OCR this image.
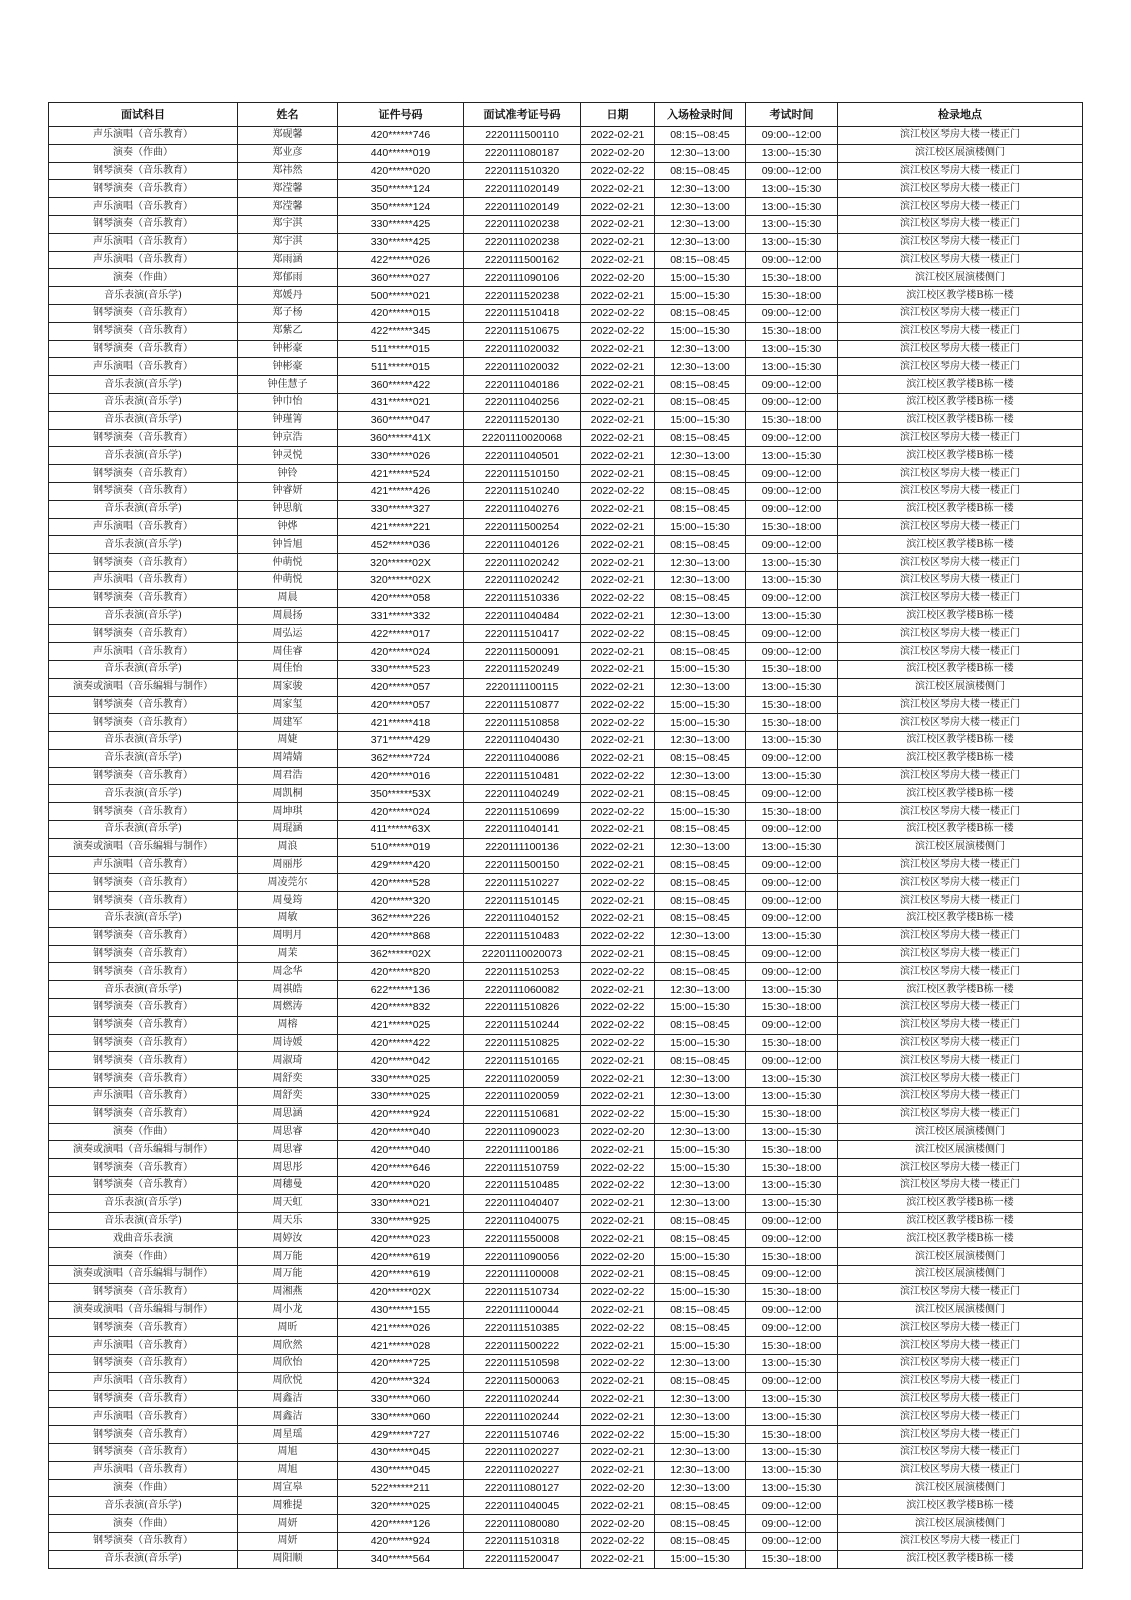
面试科目	姓名	证件号码	面试准考证号码	日期	入场检录时间	考试时间	检录地点
声乐演唱（音乐教育）	郑砚馨	420******746	2220111500110	2022-02-21	08:15--08:45	09:00--12:00	滨江校区琴房大楼一楼正门
演奏（作曲）	郑业彦	440******019	2220111080187	2022-02-20	12:30--13:00	13:00--15:30	滨江校区展演楼侧门
钢琴演奏（音乐教育）	郑祎然	420******020	2220111510320	2022-02-22	08:15--08:45	09:00--12:00	滨江校区琴房大楼一楼正门
钢琴演奏（音乐教育）	郑滢馨	350******124	2220111020149	2022-02-21	12:30--13:00	13:00--15:30	滨江校区琴房大楼一楼正门
声乐演唱（音乐教育）	郑滢馨	350******124	2220111020149	2022-02-21	12:30--13:00	13:00--15:30	滨江校区琴房大楼一楼正门
钢琴演奏（音乐教育）	郑宇淇	330******425	2220111020238	2022-02-21	12:30--13:00	13:00--15:30	滨江校区琴房大楼一楼正门
声乐演唱（音乐教育）	郑宇淇	330******425	2220111020238	2022-02-21	12:30--13:00	13:00--15:30	滨江校区琴房大楼一楼正门
声乐演唱（音乐教育）	郑雨涵	422******026	2220111500162	2022-02-21	08:15--08:45	09:00--12:00	滨江校区琴房大楼一楼正门
演奏（作曲）	郑郁雨	360******027	2220111090106	2022-02-20	15:00--15:30	15:30--18:00	滨江校区展演楼侧门
音乐表演(音乐学)	郑媛丹	500******021	2220111520238	2022-02-21	15:00--15:30	15:30--18:00	滨江校区教学楼B栋一楼
钢琴演奏（音乐教育）	郑子杨	420******015	2220111510418	2022-02-22	08:15--08:45	09:00--12:00	滨江校区琴房大楼一楼正门
钢琴演奏（音乐教育）	郑紫乙	422******345	2220111510675	2022-02-22	15:00--15:30	15:30--18:00	滨江校区琴房大楼一楼正门
钢琴演奏（音乐教育）	钟彬豪	511******015	2220111020032	2022-02-21	12:30--13:00	13:00--15:30	滨江校区琴房大楼一楼正门
声乐演唱（音乐教育）	钟彬豪	511******015	2220111020032	2022-02-21	12:30--13:00	13:00--15:30	滨江校区琴房大楼一楼正门
音乐表演(音乐学)	钟佳慧子	360******422	2220111040186	2022-02-21	08:15--08:45	09:00--12:00	滨江校区教学楼B栋一楼
音乐表演(音乐学)	钟巾怡	431******021	2220111040256	2022-02-21	08:15--08:45	09:00--12:00	滨江校区教学楼B栋一楼
音乐表演(音乐学)	钟瑾箐	360******047	2220111520130	2022-02-21	15:00--15:30	15:30--18:00	滨江校区教学楼B栋一楼
钢琴演奏（音乐教育）	钟京浩	360******41X	22201110020068	2022-02-21	08:15--08:45	09:00--12:00	滨江校区琴房大楼一楼正门
音乐表演(音乐学)	钟灵悦	330******026	2220111040501	2022-02-21	12:30--13:00	13:00--15:30	滨江校区教学楼B栋一楼
钢琴演奏（音乐教育）	钟铃	421******524	2220111510150	2022-02-21	08:15--08:45	09:00--12:00	滨江校区琴房大楼一楼正门
钢琴演奏（音乐教育）	钟睿妍	421******426	2220111510240	2022-02-22	08:15--08:45	09:00--12:00	滨江校区琴房大楼一楼正门
音乐表演(音乐学)	钟思航	330******327	2220111040276	2022-02-21	08:15--08:45	09:00--12:00	滨江校区教学楼B栋一楼
声乐演唱（音乐教育）	钟烨	421******221	2220111500254	2022-02-21	15:00--15:30	15:30--18:00	滨江校区琴房大楼一楼正门
音乐表演(音乐学)	钟旨旭	452******036	2220111040126	2022-02-21	08:15--08:45	09:00--12:00	滨江校区教学楼B栋一楼
钢琴演奏（音乐教育）	仲萌悦	320******02X	2220111020242	2022-02-21	12:30--13:00	13:00--15:30	滨江校区琴房大楼一楼正门
声乐演唱（音乐教育）	仲萌悦	320******02X	2220111020242	2022-02-21	12:30--13:00	13:00--15:30	滨江校区琴房大楼一楼正门
钢琴演奏（音乐教育）	周晨	420******058	2220111510336	2022-02-22	08:15--08:45	09:00--12:00	滨江校区琴房大楼一楼正门
音乐表演(音乐学)	周晨扬	331******332	2220111040484	2022-02-21	12:30--13:00	13:00--15:30	滨江校区教学楼B栋一楼
钢琴演奏（音乐教育）	周弘运	422******017	2220111510417	2022-02-22	08:15--08:45	09:00--12:00	滨江校区琴房大楼一楼正门
声乐演唱（音乐教育）	周佳睿	420******024	2220111500091	2022-02-21	08:15--08:45	09:00--12:00	滨江校区琴房大楼一楼正门
音乐表演(音乐学)	周佳怡	330******523	2220111520249	2022-02-21	15:00--15:30	15:30--18:00	滨江校区教学楼B栋一楼
演奏或演唱（音乐编辑与制作）	周家骏	420******057	2220111100115	2022-02-21	12:30--13:00	13:00--15:30	滨江校区展演楼侧门
钢琴演奏（音乐教育）	周家玺	420******057	2220111510877	2022-02-22	15:00--15:30	15:30--18:00	滨江校区琴房大楼一楼正门
钢琴演奏（音乐教育）	周建军	421******418	2220111510858	2022-02-22	15:00--15:30	15:30--18:00	滨江校区琴房大楼一楼正门
音乐表演(音乐学)	周婕	371******429	2220111040430	2022-02-21	12:30--13:00	13:00--15:30	滨江校区教学楼B栋一楼
音乐表演(音乐学)	周靖婧	362******724	2220111040086	2022-02-21	08:15--08:45	09:00--12:00	滨江校区教学楼B栋一楼
钢琴演奏（音乐教育）	周君浩	420******016	2220111510481	2022-02-22	12:30--13:00	13:00--15:30	滨江校区琴房大楼一楼正门
音乐表演(音乐学)	周凯桐	350******53X	2220111040249	2022-02-21	08:15--08:45	09:00--12:00	滨江校区教学楼B栋一楼
钢琴演奏（音乐教育）	周坤琪	420******024	2220111510699	2022-02-22	15:00--15:30	15:30--18:00	滨江校区琴房大楼一楼正门
音乐表演(音乐学)	周琨涵	411******63X	2220111040141	2022-02-21	08:15--08:45	09:00--12:00	滨江校区教学楼B栋一楼
演奏或演唱（音乐编辑与制作）	周浪	510******019	2220111100136	2022-02-21	12:30--13:00	13:00--15:30	滨江校区展演楼侧门
声乐演唱（音乐教育）	周丽彤	429******420	2220111500150	2022-02-21	08:15--08:45	09:00--12:00	滨江校区琴房大楼一楼正门
钢琴演奏（音乐教育）	周凌莞尔	420******528	2220111510227	2022-02-22	08:15--08:45	09:00--12:00	滨江校区琴房大楼一楼正门
钢琴演奏（音乐教育）	周曼筠	420******320	2220111510145	2022-02-21	08:15--08:45	09:00--12:00	滨江校区琴房大楼一楼正门
音乐表演(音乐学)	周敏	362******226	2220111040152	2022-02-21	08:15--08:45	09:00--12:00	滨江校区教学楼B栋一楼
钢琴演奏（音乐教育）	周明月	420******868	2220111510483	2022-02-22	12:30--13:00	13:00--15:30	滨江校区琴房大楼一楼正门
钢琴演奏（音乐教育）	周茉	362******02X	22201110020073	2022-02-21	08:15--08:45	09:00--12:00	滨江校区琴房大楼一楼正门
钢琴演奏（音乐教育）	周念华	420******820	2220111510253	2022-02-22	08:15--08:45	09:00--12:00	滨江校区琴房大楼一楼正门
音乐表演(音乐学)	周祺皓	622******136	2220111060082	2022-02-21	12:30--13:00	13:00--15:30	滨江校区教学楼B栋一楼
钢琴演奏（音乐教育）	周燃涛	420******832	2220111510826	2022-02-22	15:00--15:30	15:30--18:00	滨江校区琴房大楼一楼正门
钢琴演奏（音乐教育）	周榕	421******025	2220111510244	2022-02-22	08:15--08:45	09:00--12:00	滨江校区琴房大楼一楼正门
钢琴演奏（音乐教育）	周诗媛	420******422	2220111510825	2022-02-22	15:00--15:30	15:30--18:00	滨江校区琴房大楼一楼正门
钢琴演奏（音乐教育）	周淑琦	420******042	2220111510165	2022-02-21	08:15--08:45	09:00--12:00	滨江校区琴房大楼一楼正门
钢琴演奏（音乐教育）	周舒奕	330******025	2220111020059	2022-02-21	12:30--13:00	13:00--15:30	滨江校区琴房大楼一楼正门
声乐演唱（音乐教育）	周舒奕	330******025	2220111020059	2022-02-21	12:30--13:00	13:00--15:30	滨江校区琴房大楼一楼正门
钢琴演奏（音乐教育）	周思涵	420******924	2220111510681	2022-02-22	15:00--15:30	15:30--18:00	滨江校区琴房大楼一楼正门
演奏（作曲）	周思睿	420******040	2220111090023	2022-02-20	12:30--13:00	13:00--15:30	滨江校区展演楼侧门
演奏或演唱（音乐编辑与制作）	周思睿	420******040	2220111100186	2022-02-21	15:00--15:30	15:30--18:00	滨江校区展演楼侧门
钢琴演奏（音乐教育）	周思彤	420******646	2220111510759	2022-02-22	15:00--15:30	15:30--18:00	滨江校区琴房大楼一楼正门
钢琴演奏（音乐教育）	周穗曼	420******020	2220111510485	2022-02-22	12:30--13:00	13:00--15:30	滨江校区琴房大楼一楼正门
音乐表演(音乐学)	周天虹	330******021	2220111040407	2022-02-21	12:30--13:00	13:00--15:30	滨江校区教学楼B栋一楼
音乐表演(音乐学)	周天乐	330******925	2220111040075	2022-02-21	08:15--08:45	09:00--12:00	滨江校区教学楼B栋一楼
戏曲音乐表演	周婷汝	420******023	2220111550008	2022-02-21	08:15--08:45	09:00--12:00	滨江校区教学楼B栋一楼
演奏（作曲）	周万能	420******619	2220111090056	2022-02-20	15:00--15:30	15:30--18:00	滨江校区展演楼侧门
演奏或演唱（音乐编辑与制作）	周万能	420******619	2220111100008	2022-02-21	08:15--08:45	09:00--12:00	滨江校区展演楼侧门
钢琴演奏（音乐教育）	周湘燕	420******02X	2220111510734	2022-02-22	15:00--15:30	15:30--18:00	滨江校区琴房大楼一楼正门
演奏或演唱（音乐编辑与制作）	周小龙	430******155	2220111100044	2022-02-21	08:15--08:45	09:00--12:00	滨江校区展演楼侧门
钢琴演奏（音乐教育）	周昕	421******026	2220111510385	2022-02-22	08:15--08:45	09:00--12:00	滨江校区琴房大楼一楼正门
声乐演唱（音乐教育）	周欣然	421******028	2220111500222	2022-02-21	15:00--15:30	15:30--18:00	滨江校区琴房大楼一楼正门
钢琴演奏（音乐教育）	周欣怡	420******725	2220111510598	2022-02-22	12:30--13:00	13:00--15:30	滨江校区琴房大楼一楼正门
声乐演唱（音乐教育）	周欣悦	420******324	2220111500063	2022-02-21	08:15--08:45	09:00--12:00	滨江校区琴房大楼一楼正门
钢琴演奏（音乐教育）	周鑫洁	330******060	2220111020244	2022-02-21	12:30--13:00	13:00--15:30	滨江校区琴房大楼一楼正门
声乐演唱（音乐教育）	周鑫洁	330******060	2220111020244	2022-02-21	12:30--13:00	13:00--15:30	滨江校区琴房大楼一楼正门
钢琴演奏（音乐教育）	周星瑶	429******727	2220111510746	2022-02-22	15:00--15:30	15:30--18:00	滨江校区琴房大楼一楼正门
钢琴演奏（音乐教育）	周旭	430******045	2220111020227	2022-02-21	12:30--13:00	13:00--15:30	滨江校区琴房大楼一楼正门
声乐演唱（音乐教育）	周旭	430******045	2220111020227	2022-02-21	12:30--13:00	13:00--15:30	滨江校区琴房大楼一楼正门
演奏（作曲）	周宣皋	522******211	2220111080127	2022-02-20	12:30--13:00	13:00--15:30	滨江校区展演楼侧门
音乐表演(音乐学)	周雅提	320******025	2220111040045	2022-02-21	08:15--08:45	09:00--12:00	滨江校区教学楼B栋一楼
演奏（作曲）	周妍	420******126	2220111080080	2022-02-20	08:15--08:45	09:00--12:00	滨江校区展演楼侧门
钢琴演奏（音乐教育）	周妍	420******924	2220111510318	2022-02-22	08:15--08:45	09:00--12:00	滨江校区琴房大楼一楼正门
音乐表演(音乐学)	周阳顺	340******564	2220111520047	2022-02-21	15:00--15:30	15:30--18:00	滨江校区教学楼B栋一楼
